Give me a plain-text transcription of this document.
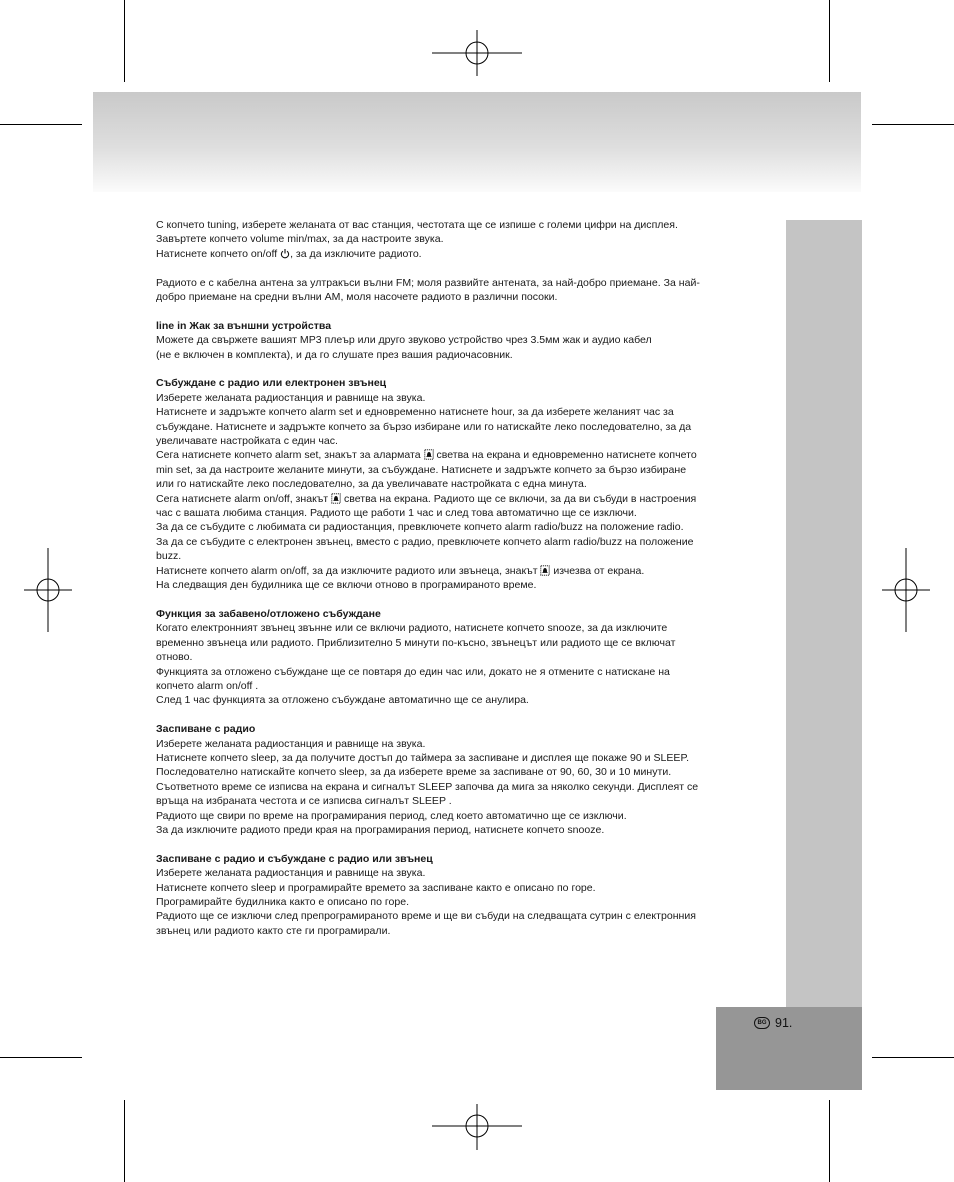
BG 91.

С копчето tuning, изберете желаната от вас станция, честотата ще се изпише с големи цифри на дисплея.

Завъртете копчето volume min/max, за да настроите звука.

Натиснете копчето on/off , за да изключите радиото.

Радиото е с кабелна антена за ултракъси вълни FM; моля развийте антената, за най-добро приемане. За най-

добро приемане на средни вълни AM, моля насочете радиото в различни посоки.

line in Жак за външни устройства

Можете да свържете вашият MP3 плеър или друго звуково устройство чрез 3.5мм жак и аудио кабел

(не е включен в комплекта), и да го слушате през вашия радиочасовник.

Събуждане с радио или електронен звънец

Изберете желаната радиостанция и равнище на звука.

Натиснете и задръжте копчето alarm set и едновременно натиснете hour, за да изберете желаният час за

събуждане. Натиснете и задръжте копчето за бързо избиране или го натискайте леко последователно, за да

увеличавате настройката с един час.

Сега натиснете копчето alarm set, знакът за алармата  светва на екрана и едновременно натиснете копчето

min set, за да настроите желаните минути, за събуждане. Натиснете и задръжте копчето за бързо избиране

или го натискайте леко последователно, за да увеличавате настройката с една минута.

Сега натиснете alarm on/off, знакът  светва на екрана. Радиото ще се включи, за да ви събуди в настроения

час с вашата любима станция. Радиото ще работи 1 час и след това автоматично ще се изключи.

За да се събудите с любимата си радиостанция, превключете копчето alarm radio/buzz на положение radio.

За да се събудите с електронен звънец, вместо с радио, превключете копчето alarm radio/buzz на положение

buzz.

Натиснете копчето alarm on/off, за да изключите радиото или звънеца, знакът  изчезва от екрана.

На следващия ден будилника ще се включи отново в програмираното време.

Функция за забавено/отложено събуждане

Когато електронният звънец звънне или се включи радиото, натиснете копчето snooze, за да изключите

временно звънеца или радиото. Приблизително 5 минути по-късно, звънецът или радиото ще се включат

отново.

Функцията за отложено събуждане ще се повтаря до един час или, докато не я отмените с натискане на

копчето alarm on/off .

След 1 час функцията за отложено събуждане автоматично ще се анулира.

Заспиване с радио

Изберете желаната радиостанция и равнище на звука.

Натиснете копчето sleep, за да получите достъп до таймера за заспиване и дисплея ще покаже 90 и SLEEP.

Последователно натискайте копчето sleep, за да изберете време за заспиване от 90, 60, 30 и 10 минути.

Съответното време се изписва на екрана и сигналът SLEEP започва да мига за няколко секунди. Дисплеят се

връща на избраната честота и се изписва сигналът SLEEP .

Радиото ще свири по време на програмирания период, след което автоматично ще се изключи.

За да изключите радиото преди края на програмирания период, натиснете копчето snooze.

Заспиване с радио и събуждане с радио или звънец

Изберете желаната радиостанция и равнище на звука.

Натиснете копчето sleep и програмирайте времето за заспиване както е описано по горе.

Програмирайте будилника както е описано по горе.

Радиото ще се изключи след препрограмираното време и ще ви събуди на следващата сутрин с електронния

звънец или радиото както сте ги програмирали.
